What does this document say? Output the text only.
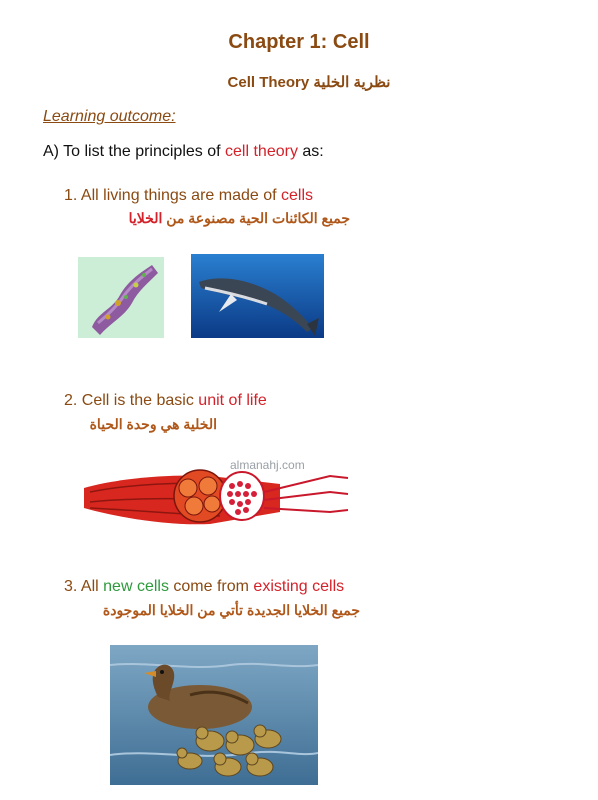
Chapter 1: Cell
Cell Theory نظرية الخلية
Learning outcome:
A) To list the principles of cell theory as:
1. All living things are made of cells
جميع الكائنات الحية مصنوعة من الخلايا
2. Cell is the basic unit of life
الخلية هي وحدة الحياة
almanahj.com
3. All new cells come from existing cells
جميع الخلايا الجديدة تأتي من الخلايا الموجودة
